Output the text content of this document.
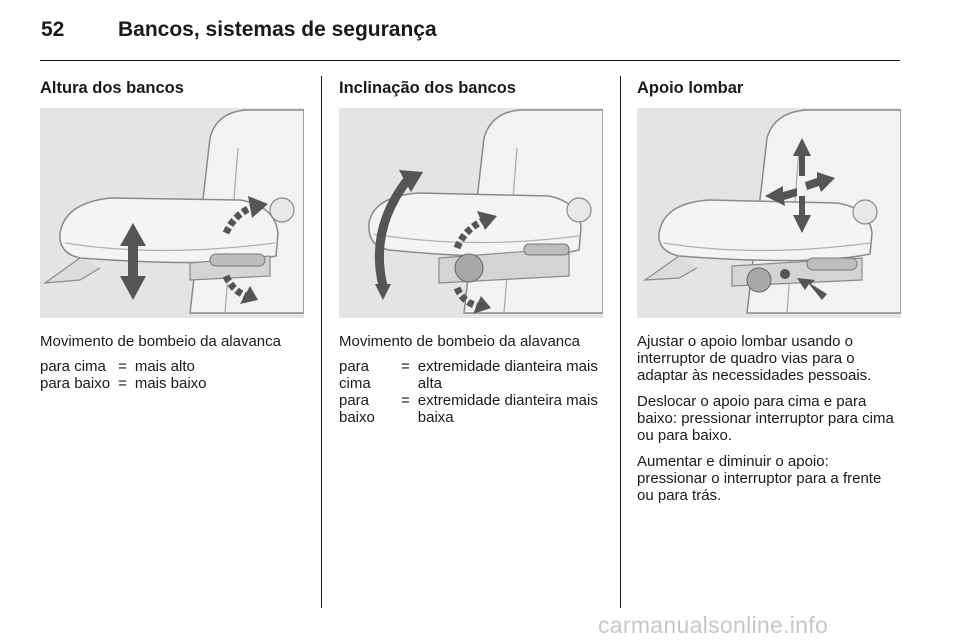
52	Bancos, sistemas de segurança
Altura dos bancos
Movimento de bombeio da alavanca
para cima	=	mais alto
para baixo	=	mais baixo
Inclinação dos bancos
Movimento de bombeio da alavanca
para cima	=	extremidade dianteira mais alta
para baixo	=	extremidade dianteira mais baixa
Apoio lombar

Ajustar o apoio lombar usando o interruptor de quadro vias para o adaptar às necessidades pessoais.

Deslocar o apoio para cima e para baixo: pressionar interruptor para cima ou para baixo.

Aumentar e diminuir o apoio: pressionar o interruptor para a frente ou para trás.

carmanualsonline.info
